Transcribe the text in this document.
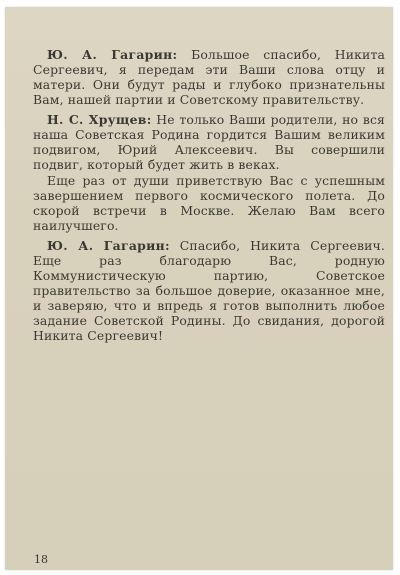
Ю. А. Гагарин: Большое спасибо, Никита Сергеевич, я передам эти Ваши слова отцу и матери. Они будут рады и глубоко признательны Вам, нашей партии и Советскому правительству.

Н. С. Хрущев: Не только Ваши родители, но вся наша Советская Родина гордится Вашим великим подвигом, Юрий Алексеевич. Вы совершили подвиг, который будет жить в веках.

Еще раз от души приветствую Вас с успешным завершением первого космического полета. До скорой встречи в Москве. Желаю Вам всего наилучшего.

Ю. А. Гагарин: Спасибо, Никита Сергеевич. Еще раз благодарю Вас, родную Коммунистическую партию, Советское правительство за большое доверие, оказанное мне, и заверяю, что и впредь я готов выполнить любое задание Советской Родины. До свидания, дорогой Никита Сергеевич!

18
